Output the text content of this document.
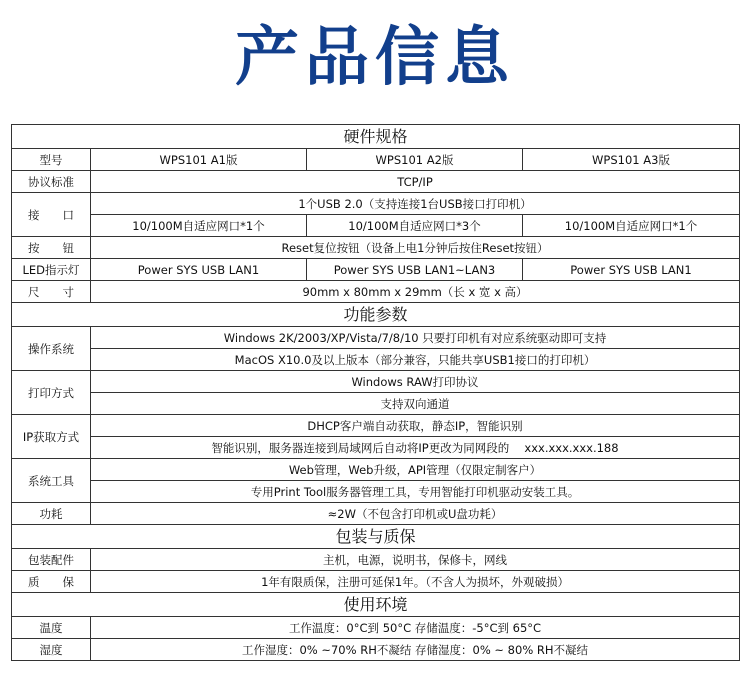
产品信息
硬件规格			
型号	WPS101 A1版	WPS101 A2版	WPS101 A3版
协议标准	TCP/IP		
接　　口	1个USB 2.0（支持连接1台USB接口打印机）		
	10/100M自适应网口*1个	10/100M自适应网口*3个	10/100M自适应网口*1个
按　　钮	Reset复位按钮（设备上电1分钟后按住Reset按钮）		
LED指示灯	Power SYS USB LAN1	Power SYS USB LAN1~LAN3	Power SYS USB LAN1
尺　　寸	90mm x 80mm x 29mm（长 x 宽 x 高）		
功能参数			
操作系统	Windows 2K/2003/XP/Vista/7/8/10 只要打印机有对应系统驱动即可支持		
	MacOS X10.0及以上版本（部分兼容，只能共享USB1接口的打印机）		
打印方式	Windows RAW打印协议		
	支持双向通道		
IP获取方式	DHCP客户端自动获取，静态IP，智能识别		
	智能识别，服务器连接到局域网后自动将IP更改为同网段的　 xxx.xxx.xxx.188		
系统工具	Web管理，Web升级，API管理（仅限定制客户）		
	专用Print Tool服务器管理工具，专用智能打印机驱动安装工具。		
功耗	≈2W（不包含打印机或U盘功耗）		
包装与质保			
包装配件	主机，电源，说明书，保修卡，网线		
质　　保	1年有限质保，注册可延保1年。（不含人为损坏，外观破损）		
使用环境			
温度	工作温度：0°C到 50°C 存储温度：-5°C到 65°C		
湿度	工作湿度：0% ~70% RH不凝结 存储湿度：0% ~ 80% RH不凝结		
